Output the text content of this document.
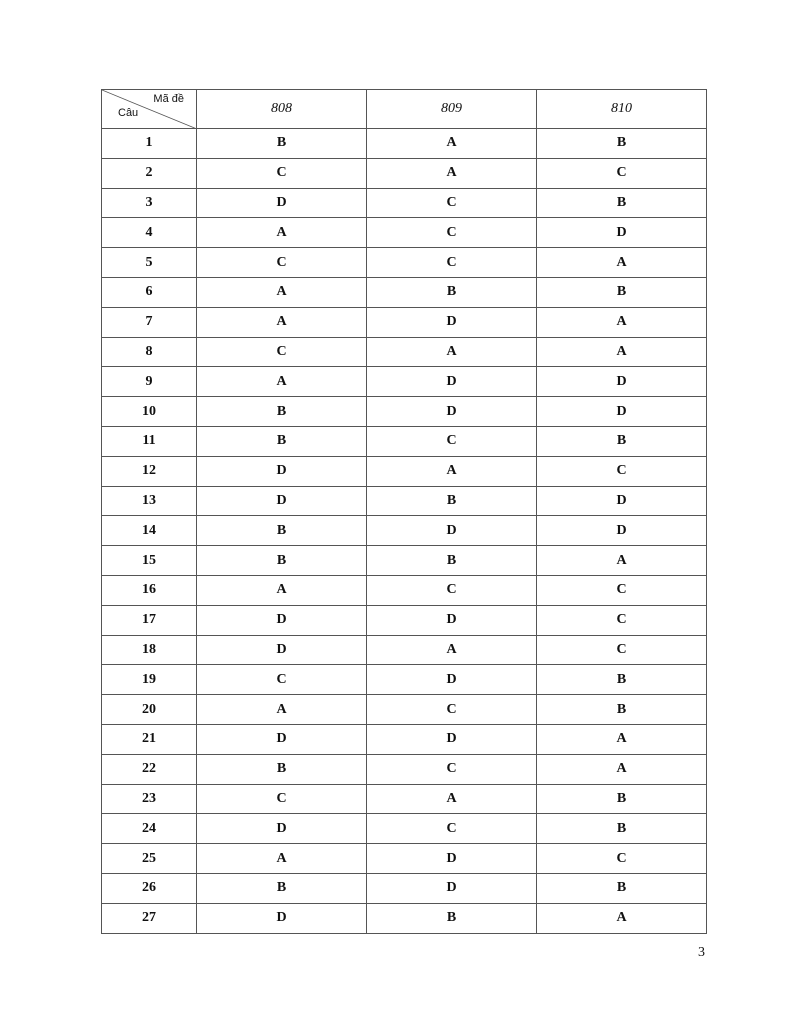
Mã đề
Câu	808	809	810
1	B	A	B
2	C	A	C
3	D	C	B
4	A	C	D
5	C	C	A
6	A	B	B
7	A	D	A
8	C	A	A
9	A	D	D
10	B	D	D
11	B	C	B
12	D	A	C
13	D	B	D
14	B	D	D
15	B	B	A
16	A	C	C
17	D	D	C
18	D	A	C
19	C	D	B
20	A	C	B
21	D	D	A
22	B	C	A
23	C	A	B
24	D	C	B
25	A	D	C
26	B	D	B
27	D	B	A
3
